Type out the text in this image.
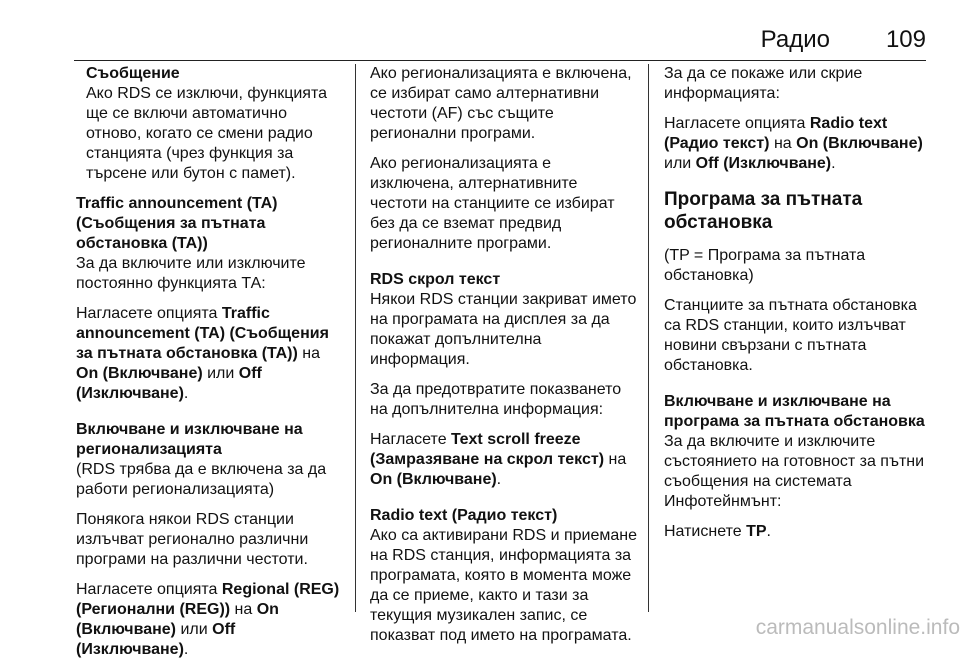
Радио 109

Съобщение

Ако RDS се изключи, функцията ще се включи автоматично отново, когато се смени радио станцията (чрез функция за търсене или бутон с памет).

Traffic announcement (TA) (Съобщения за пътната обстановка (TA))

За да включите или изключите постоянно функцията ТА:

Нагласете опцията Traffic announcement (TA) (Съобщения за пътната обстановка (TA)) на On (Включване) или Off (Изключване).

Включване и изключване на регионализацията

(RDS трябва да е включена за да работи регионализацията)

Понякога някои RDS станции излъчват регионално различни програми на различни честоти.

Нагласете опцията Regional (REG) (Регионални (REG)) на On (Включване) или Off (Изключване).

Ако регионализацията е включена, се избират само алтернативни честоти (AF) със същите регионални програми.

Ако регионализацията е изключена, алтернативните честоти на станциите се избират без да се вземат предвид регионалните програми.

RDS скрол текст

Някои RDS станции закриват името на програмата на дисплея за да покажат допълнителна информация.

За да предотвратите показването на допълнителна информация:

Нагласете Text scroll freeze (Замразяване на скрол текст) на On (Включване).

Radio text (Радио текст)

Ако са активирани RDS и приемане на RDS станция, информацията за програмата, която в момента може да се приеме, както и тази за текущия музикален запис, се показват под името на програмата.

За да се покаже или скрие информацията:

Нагласете опцията Radio text (Радио текст) на On (Включване) или Off (Изключване).

Програма за пътната обстановка

(TP = Програма за пътната обстановка)

Станциите за пътната обстановка са RDS станции, които излъчват новини свързани с пътната обстановка.

Включване и изключване на програма за пътната обстановка

За да включите и изключите състоянието на готовност за пътни съобщения на системата Инфотейнмънт:

Натиснете TP.

carmanualsonline.info
